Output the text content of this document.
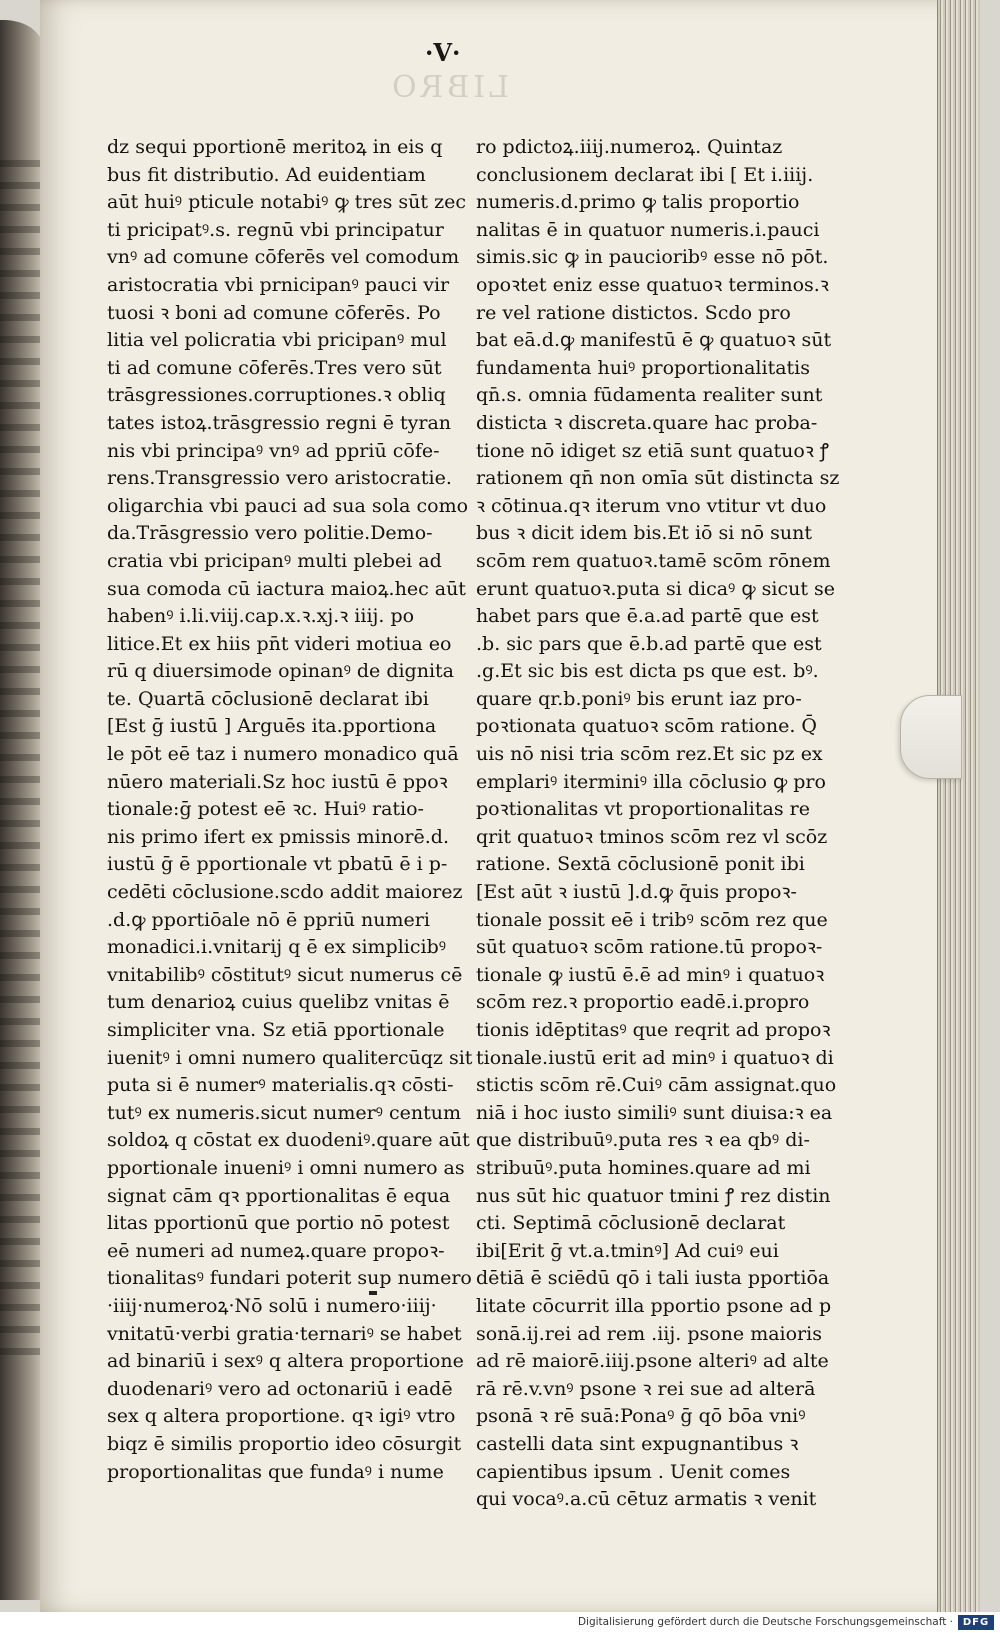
LIBRO
·V·
dz sequi pportionē meritoꝝ in eis q
bus fit distributio. Ad euidentiam
aūt huiꝰ pticule notabiꝰ ꝙ tres sūt zec
ti pricipatꝰ.s. regnū vbi principatur
vnꝰ ad comune cōferēs vel comodum
aristocratia vbi prnicipanꝰ pauci vir
tuosi ꝛ boni ad comune cōferēs. Po
litia vel policratia vbi pricipanꝰ mul
ti ad comune cōferēs.Tres vero sūt
trāsgressiones.corruptiones.ꝛ obliq
tates istoꝝ.trāsgressio regni ē tyran
nis vbi principaꝰ vnꝰ ad ppriū cōfe-
rens.Transgressio vero aristocratie.
oligarchia vbi pauci ad sua sola como
da.Trāsgressio vero politie.Demo-
cratia vbi pricipanꝰ multi plebei ad
sua comoda cū iactura maioꝝ.hec aūt
habenꝰ i.li.viij.cap.x.ꝛ.xj.ꝛ iiij. po
litice.Et ex hiis pn̄t videri motiua eo
rū q diuersimode opinanꝰ de dignita
te. Quartā cōclusionē declarat ibi
[Est ḡ iustū ] Arguēs ita.pportiona
le pōt eē taz i numero monadico quā
nūero materiali.Sz hoc iustū ē ppoꝛ
tionale:ḡ potest eē ꝛc. Huiꝰ ratio-
nis primo ifert ex pmissis minorē.d.
iustū ḡ ē pportionale vt pbatū ē i p-
cedēti cōclusione.scdo addit maiorez
.d.ꝙ pportiōale nō ē ppriū numeri
monadici.i.vnitarij q ē ex simplicibꝰ
vnitabilibꝰ cōstitutꝰ sicut numerus cē
tum denarioꝝ cuius quelibz vnitas ē
simpliciter vna. Sz etiā pportionale
iuenitꝰ i omni numero qualitercūqz sit
puta si ē numerꝰ materialis.qꝛ cōsti-
tutꝰ ex numeris.sicut numerꝰ centum
soldoꝝ q cōstat ex duodeniꝰ.quare aūt
pportionale inueniꝰ i omni numero as
signat cām qꝛ pportionalitas ē equa
litas pportionū que portio nō potest
eē numeri ad numeꝝ.quare propoꝛ-
tionalitasꝰ fundari poterit sup numero
·iiij·numeroꝝ·Nō solū i numero·iiij·
vnitatū·verbi gratia·ternariꝰ se habet
ad binariū i sexꝰ q altera proportione
duodenariꝰ vero ad octonariū i eadē
sex q altera proportione. qꝛ igiꝰ vtro
biqz ē similis proportio ideo cōsurgit
proportionalitas que fundaꝰ i nume
ro pdictoꝝ.iiij.numeroꝝ. Quintaz
conclusionem declarat ibi [ Et i.iiij.
numeris.d.primo ꝙ talis proportio
nalitas ē in quatuor numeris.i.pauci
simis.sic ꝙ in paucioribꝰ esse nō pōt.
opoꝛtet eniz esse quatuoꝛ terminos.ꝛ
re vel ratione distictos. Scdo pro
bat eā.d.ꝙ manifestū ē ꝙ quatuoꝛ sūt
fundamenta huiꝰ proportionalitatis
qn̄.s. omnia fūdamenta realiter sunt
disticta ꝛ discreta.quare hac proba-
tione nō idiget sz etiā sunt quatuoꝛ ꝭ
rationem qn̄ non omīa sūt distincta sz
ꝛ cōtinua.qꝛ iterum vno vtitur vt duo
bus ꝛ dicit idem bis.Et iō si nō sunt
scōm rem quatuoꝛ.tamē scōm rōnem
erunt quatuoꝛ.puta si dicaꝰ ꝙ sicut se
habet pars que ē.a.ad partē que est
.b. sic pars que ē.b.ad partē que est
.g.Et sic bis est dicta ps que est. bꝰ.
quare qr.b.poniꝰ bis erunt iaz pro-
poꝛtionata quatuoꝛ scōm ratione. Q̄
uis nō nisi tria scōm rez.Et sic pz ex
emplariꝰ iterminiꝰ illa cōclusio ꝙ pro
poꝛtionalitas vt proportionalitas re
qrit quatuoꝛ tminos scōm rez vl scōz
ratione. Sextā cōclusionē ponit ibi
[Est aūt ꝛ iustū ].d.ꝙ q̄uis propoꝛ-
tionale possit eē i tribꝰ scōm rez que
sūt quatuoꝛ scōm ratione.tū propoꝛ-
tionale ꝙ iustū ē.ē ad minꝰ i quatuoꝛ
scōm rez.ꝛ proportio eadē.i.propro
tionis idēptitasꝰ que reqrit ad propoꝛ
tionale.iustū erit ad minꝰ i quatuoꝛ di
stictis scōm rē.Cuiꝰ cām assignat.quo
niā i hoc iusto similiꝰ sunt diuisa:ꝛ ea
que distribuūꝰ.puta res ꝛ ea qbꝰ di-
stribuūꝰ.puta homines.quare ad mi
nus sūt hic quatuor tmini ꝭ rez distin
cti. Septimā cōclusionē declarat
ibi[Erit ḡ vt.a.tminꝰ] Ad cuiꝰ eui
dētiā ē sciēdū qō i tali iusta pportiōa
litate cōcurrit illa pportio psone ad p
sonā.ij.rei ad rem .iij. psone maioris
ad rē maiorē.iiij.psone alteriꝰ ad alte
rā rē.v.vnꝰ psone ꝛ rei sue ad alterā
psonā ꝛ rē suā:Ponaꝰ ḡ qō bōa vniꝰ
castelli data sint expugnantibus ꝛ
capientibus ipsum . Uenit comes
qui vocaꝰ.a.cū cētuz armatis ꝛ venit
Digitalisierung gefördert durch die Deutsche Forschungsgemeinschaft · DFG
